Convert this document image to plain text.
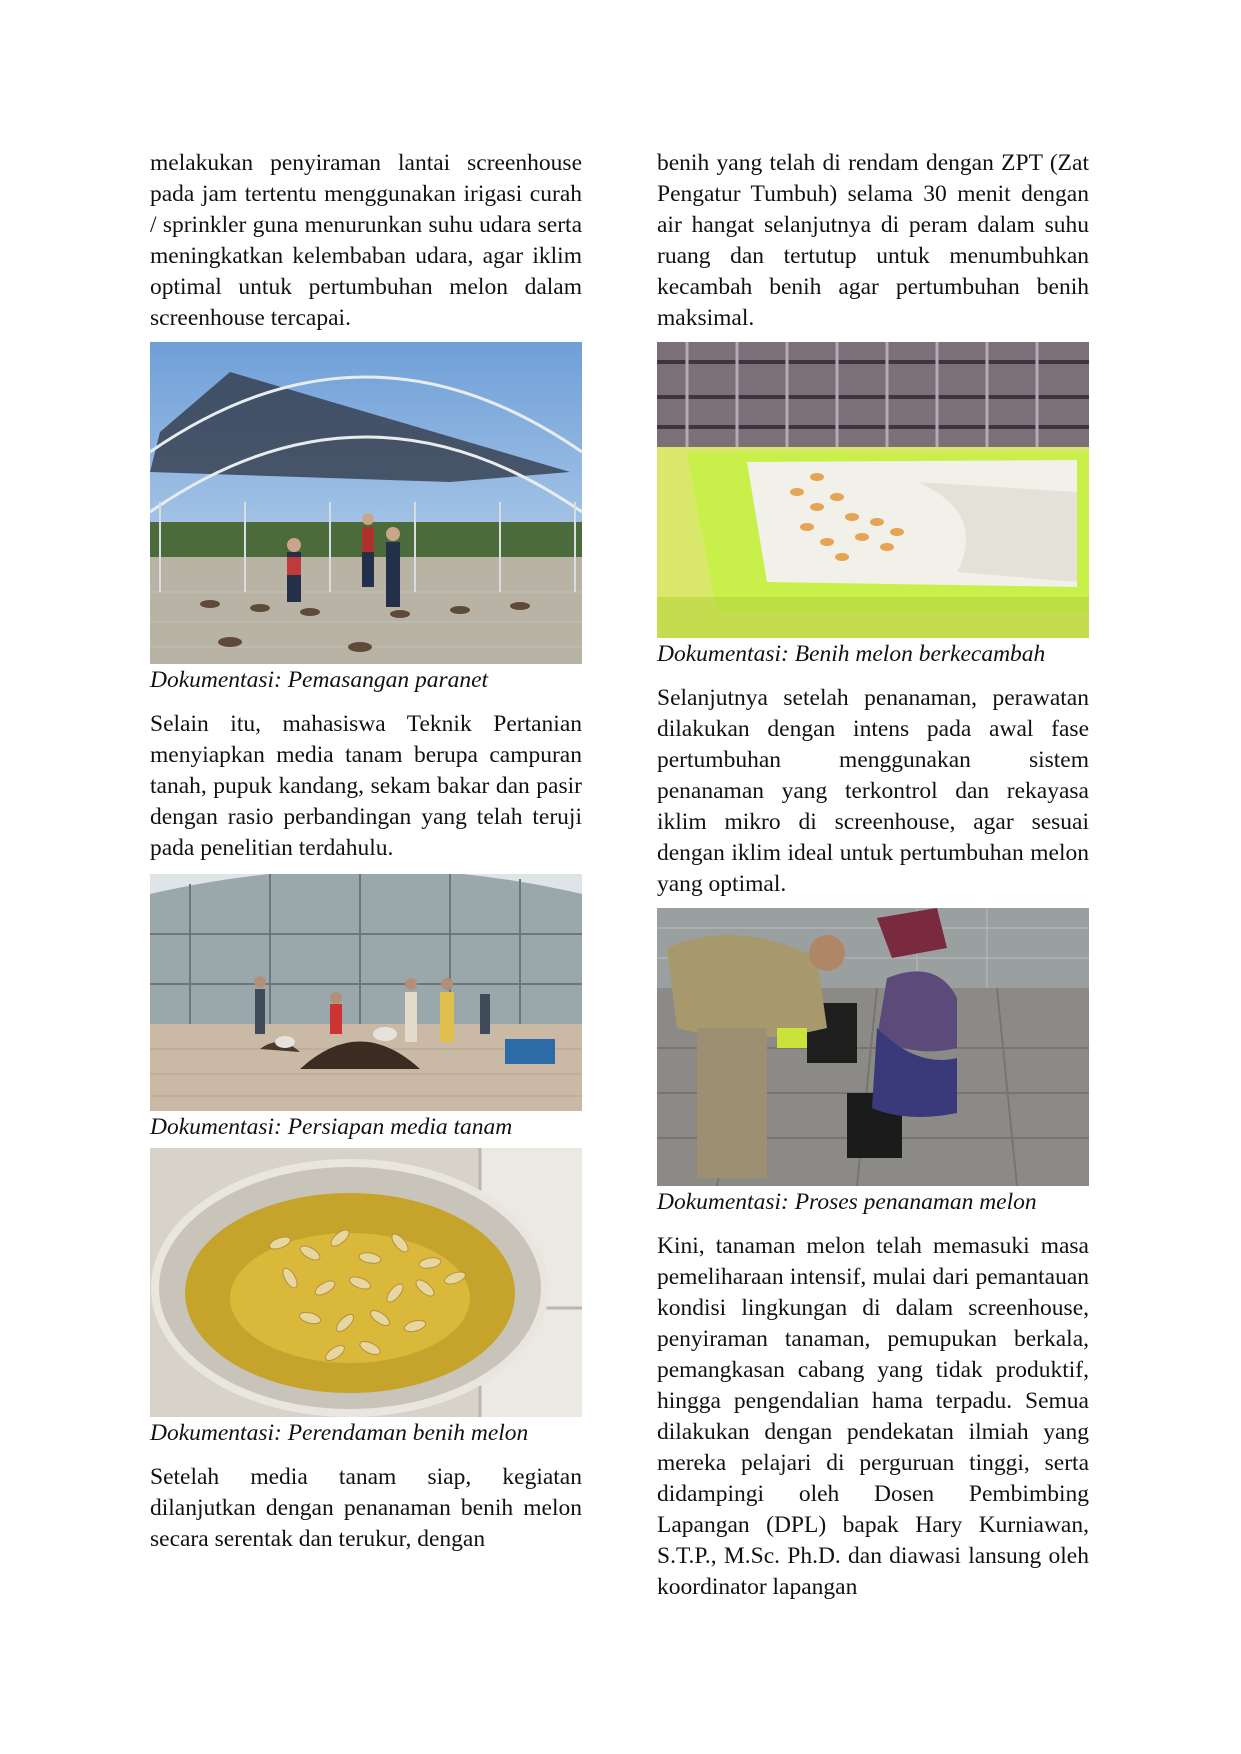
melakukan penyiraman lantai screenhouse pada jam tertentu menggunakan irigasi curah / sprinkler guna menurunkan suhu udara serta meningkatkan kelembaban udara, agar iklim optimal untuk pertumbuhan melon dalam screenhouse tercapai.

Dokumentasi: Pemasangan paranet

Selain itu, mahasiswa Teknik Pertanian menyiapkan media tanam berupa campuran tanah, pupuk kandang, sekam bakar dan pasir dengan rasio perbandingan yang telah teruji pada penelitian terdahulu.

Dokumentasi: Persiapan media tanam

Dokumentasi: Perendaman benih melon

Setelah media tanam siap, kegiatan dilanjutkan dengan penanaman benih melon secara serentak dan terukur, dengan

benih yang telah di rendam dengan ZPT (Zat Pengatur Tumbuh) selama 30 menit dengan air hangat selanjutnya di peram dalam suhu ruang dan tertutup untuk menumbuhkan kecambah benih agar pertumbuhan benih maksimal.

Dokumentasi: Benih melon berkecambah

Selanjutnya setelah penanaman, perawatan dilakukan dengan intens pada awal fase pertumbuhan menggunakan sistem penanaman yang terkontrol dan rekayasa iklim mikro di screenhouse, agar sesuai dengan iklim ideal untuk pertumbuhan melon yang optimal.

Dokumentasi: Proses penanaman melon

Kini, tanaman melon telah memasuki masa pemeliharaan intensif, mulai dari pemantauan kondisi lingkungan di dalam screenhouse, penyiraman tanaman, pemupukan berkala, pemangkasan cabang yang tidak produktif, hingga pengendalian hama terpadu. Semua dilakukan dengan pendekatan ilmiah yang mereka pelajari di perguruan tinggi, serta didampingi oleh Dosen Pembimbing Lapangan (DPL) bapak Hary Kurniawan, S.T.P., M.Sc. Ph.D. dan diawasi lansung oleh koordinator lapangan
